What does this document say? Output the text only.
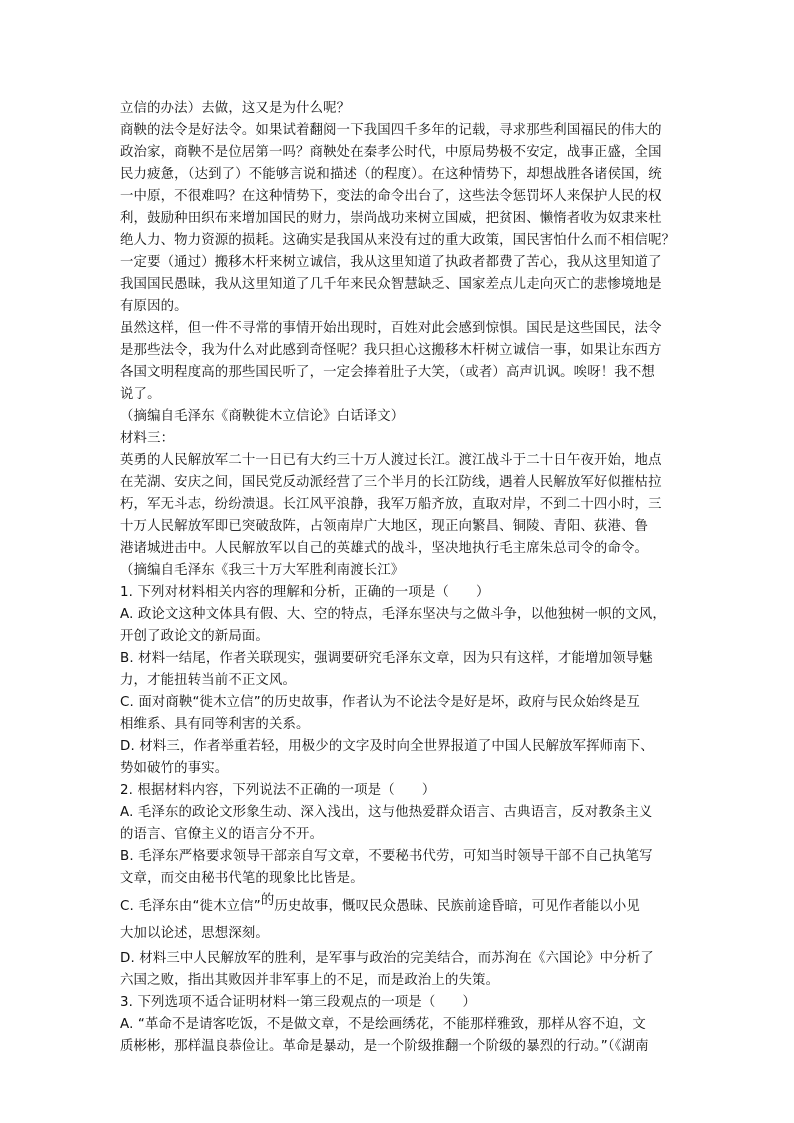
立信的办法）去做，这又是为什么呢？
商鞅的法令是好法令。如果试着翻阅一下我国四千多年的记载，寻求那些利国福民的伟大的
政治家，商鞅不是位居第一吗？商鞅处在秦孝公时代，中原局势极不安定，战事正盛，全国
民力疲惫，（达到了）不能够言说和描述（的程度）。在这种情势下，却想战胜各诸侯国，统
一中原，不很难吗？在这种情势下，变法的命令出台了，这些法令惩罚坏人来保护人民的权
利，鼓励种田织布来增加国民的财力，崇尚战功来树立国威，把贫困、懒惰者收为奴隶来杜
绝人力、物力资源的损耗。这确实是我国从来没有过的重大政策，国民害怕什么而不相信呢？
一定要（通过）搬移木杆来树立诚信，我从这里知道了执政者都费了苦心，我从这里知道了
我国国民愚昧，我从这里知道了几千年来民众智慧缺乏、国家差点儿走向灭亡的悲惨境地是
有原因的。
虽然这样，但一件不寻常的事情开始出现时，百姓对此会感到惊惧。国民是这些国民，法令
是那些法令，我为什么对此感到奇怪呢？我只担心这搬移木杆树立诚信一事，如果让东西方
各国文明程度高的那些国民听了，一定会捧着肚子大笑，（或者）高声讥讽。唉呀！我不想
说了。
（摘编自毛泽东《商鞅徙木立信论》白话译文）
材料三：
英勇的人民解放军二十一日已有大约三十万人渡过长江。渡江战斗于二十日午夜开始，地点
在芜湖、安庆之间，国民党反动派经营了三个半月的长江防线，遇着人民解放军好似摧枯拉
朽，军无斗志，纷纷溃退。长江风平浪静，我军万船齐放，直取对岸，不到二十四小时，三
十万人民解放军即已突破敌阵，占领南岸广大地区，现正向繁昌、铜陵、青阳、荻港、鲁
港诸城进击中。人民解放军以自己的英雄式的战斗，坚决地执行毛主席朱总司令的命令。
（摘编自毛泽东《我三十万大军胜利南渡长江》
1. 下列对材料相关内容的理解和分析，正确的一项是（　　）
A. 政论文这种文体具有假、大、空的特点，毛泽东坚决与之做斗争，以他独树一帜的文风，
开创了政论文的新局面。
B. 材料一结尾，作者关联现实，强调要研究毛泽东文章，因为只有这样，才能增加领导魅
力，才能扭转当前不正文风。
C. 面对商鞅“徙木立信”的历史故事，作者认为不论法令是好是坏，政府与民众始终是互
相维系、具有同等利害的关系。
D. 材料三，作者举重若轻，用极少的文字及时向全世界报道了中国人民解放军挥师南下、
势如破竹的事实。
2. 根据材料内容，下列说法不正确的一项是（　　）
A. 毛泽东的政论文形象生动、深入浅出，这与他热爱群众语言、古典语言，反对教条主义
的语言、官僚主义的语言分不开。
B. 毛泽东严格要求领导干部亲自写文章，不要秘书代劳，可知当时领导干部不自己执笔写
文章，而交由秘书代笔的现象比比皆是。
C. 毛泽东由“徙木立信”的历史故事，慨叹民众愚昧、民族前途昏暗，可见作者能以小见
大加以论述，思想深刻。
D. 材料三中人民解放军的胜利，是军事与政治的完美结合，而苏洵在《六国论》中分析了
六国之败，指出其败因并非军事上的不足，而是政治上的失策。
3. 下列选项不适合证明材料一第三段观点的一项是（　　）
A. “革命不是请客吃饭，不是做文章，不是绘画绣花，不能那样雅致，那样从容不迫，文
质彬彬，那样温良恭俭让。革命是暴动，是一个阶级推翻一个阶级的暴烈的行动。”（《湖南
